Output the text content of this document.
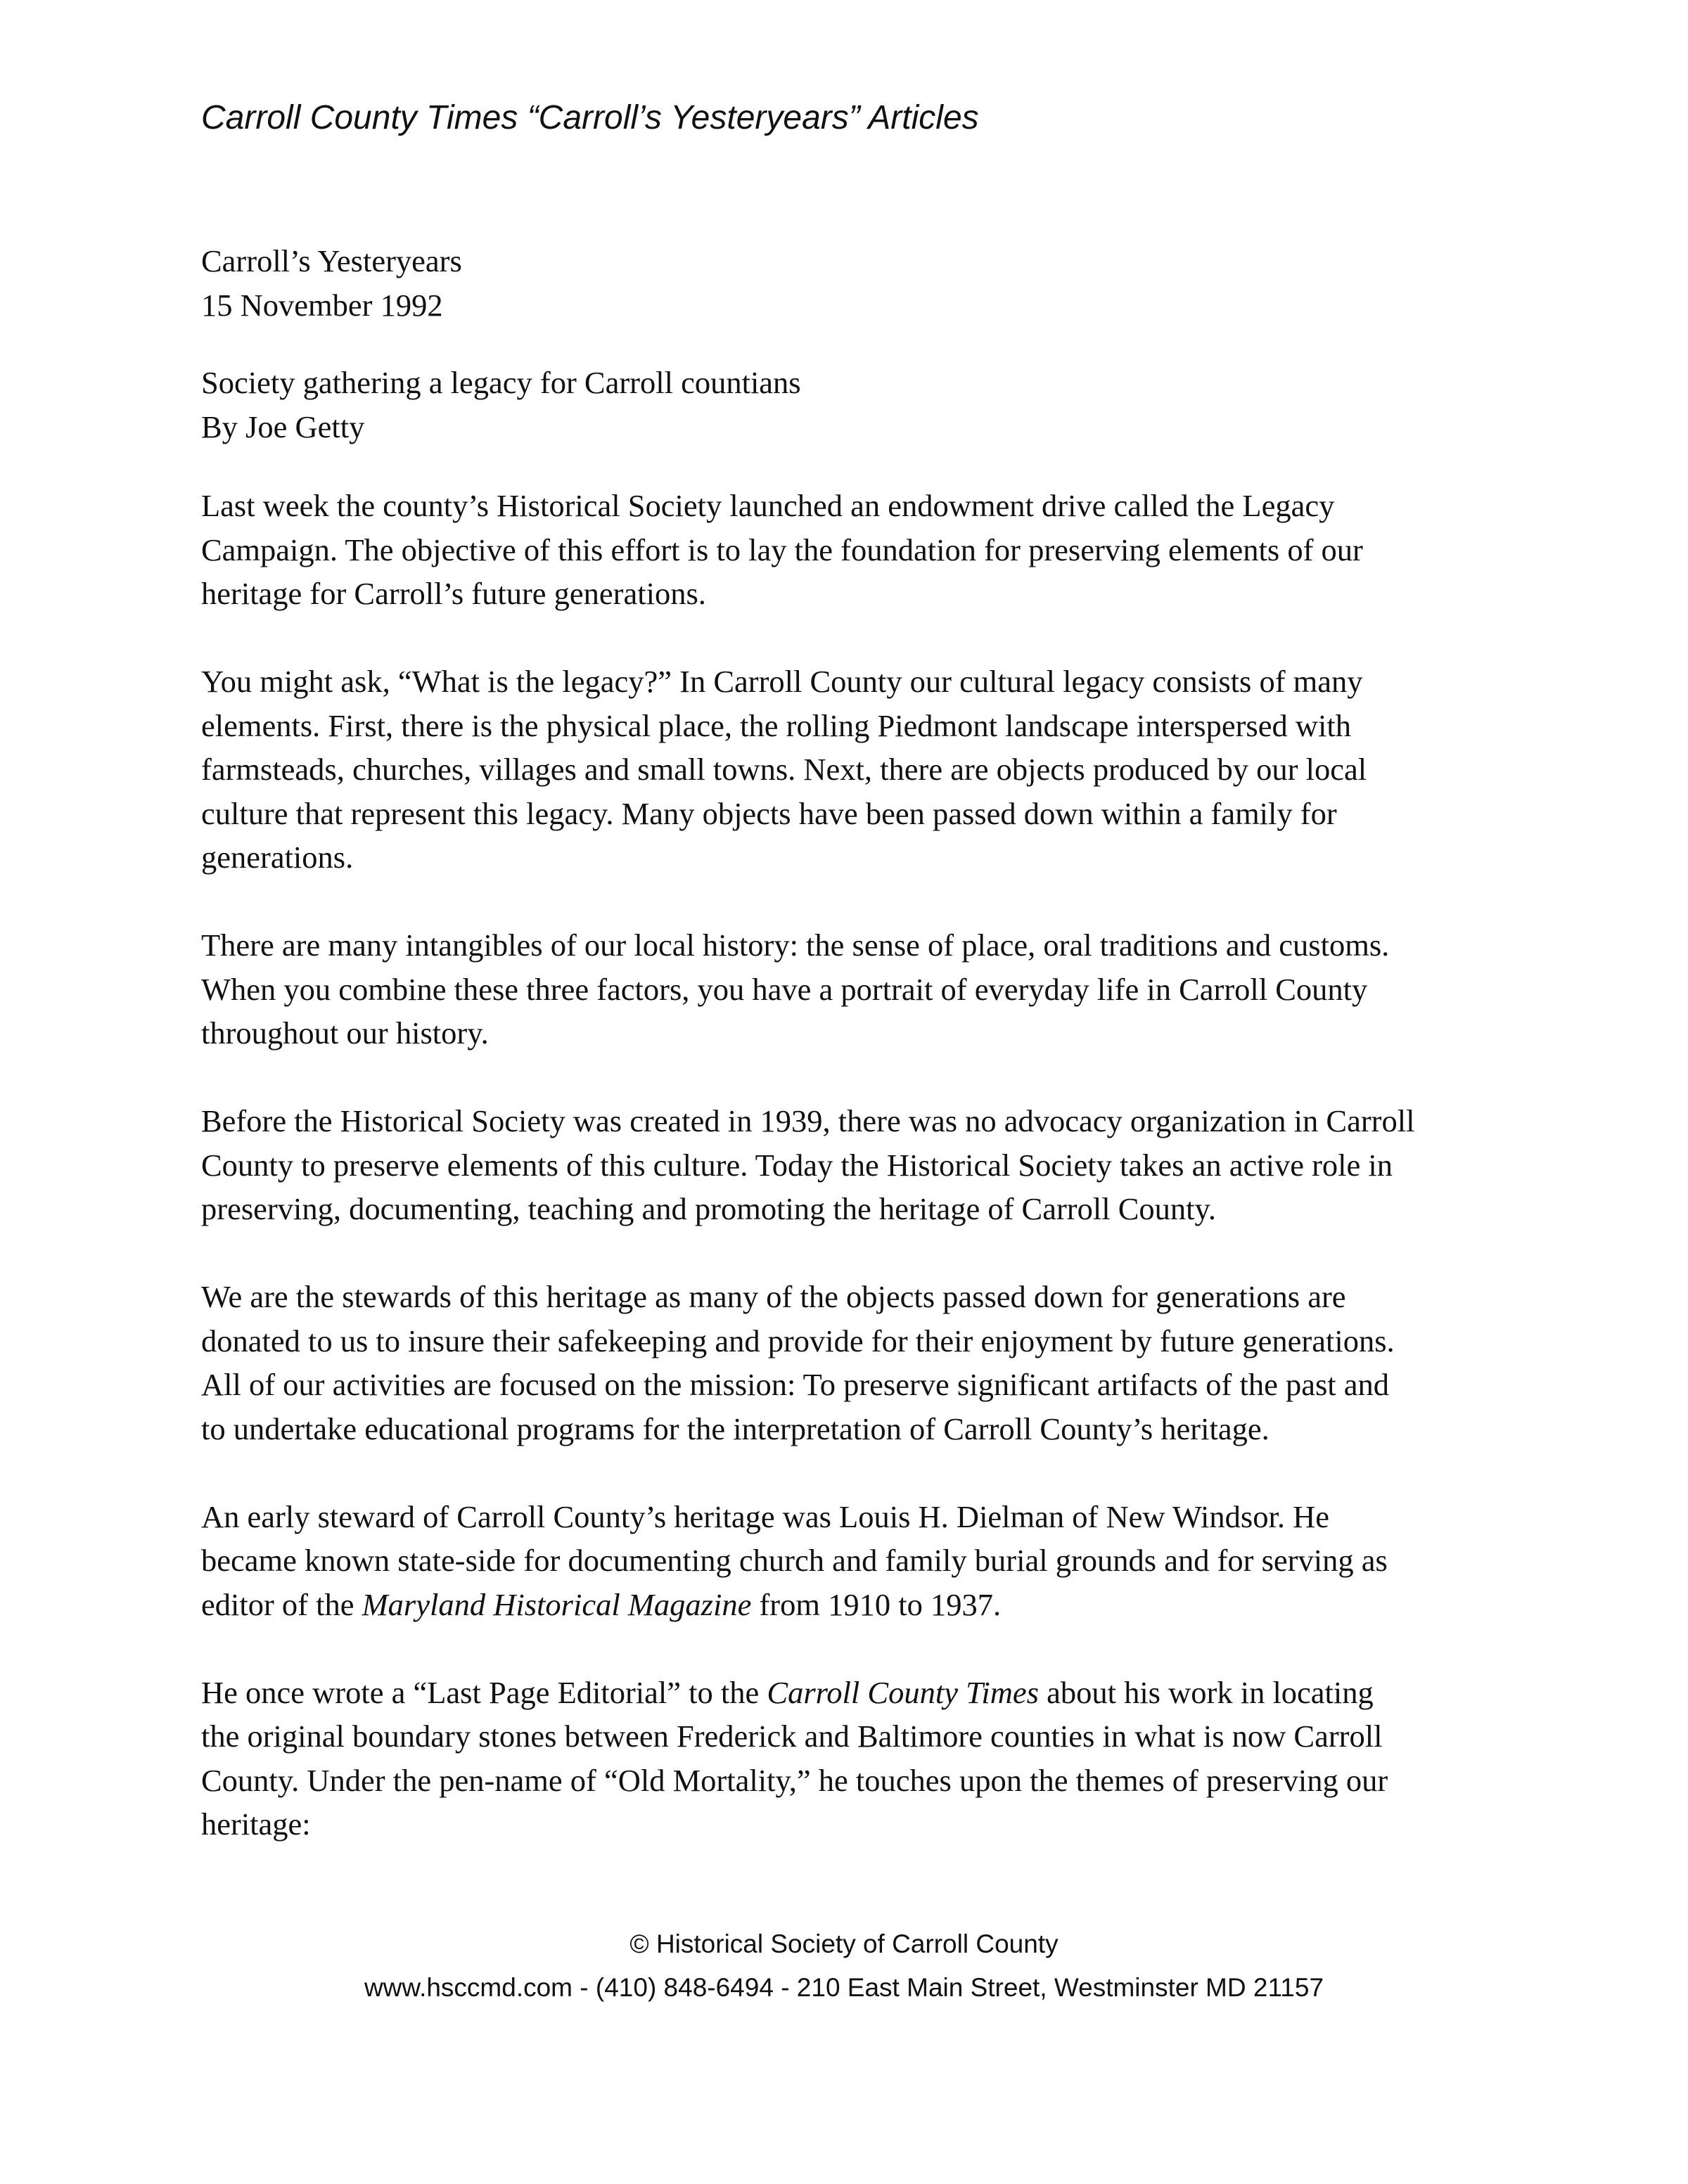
Carroll County Times “Carroll’s Yesteryears” Articles
Carroll’s Yesteryears
15 November 1992
Society gathering a legacy for Carroll countians
By Joe Getty
Last week the county’s Historical Society launched an endowment drive called the Legacy
Campaign. The objective of this effort is to lay the foundation for preserving elements of our
heritage for Carroll’s future generations.
You might ask, “What is the legacy?” In Carroll County our cultural legacy consists of many
elements. First, there is the physical place, the rolling Piedmont landscape interspersed with
farmsteads, churches, villages and small towns. Next, there are objects produced by our local
culture that represent this legacy. Many objects have been passed down within a family for
generations.
There are many intangibles of our local history: the sense of place, oral traditions and customs.
When you combine these three factors, you have a portrait of everyday life in Carroll County
throughout our history.
Before the Historical Society was created in 1939, there was no advocacy organization in Carroll
County to preserve elements of this culture. Today the Historical Society takes an active role in
preserving, documenting, teaching and promoting the heritage of Carroll County.
We are the stewards of this heritage as many of the objects passed down for generations are
donated to us to insure their safekeeping and provide for their enjoyment by future generations.
All of our activities are focused on the mission: To preserve significant artifacts of the past and
to undertake educational programs for the interpretation of Carroll County’s heritage.
An early steward of Carroll County’s heritage was Louis H. Dielman of New Windsor. He
became known state-side for documenting church and family burial grounds and for serving as
editor of the Maryland Historical Magazine from 1910 to 1937.
He once wrote a “Last Page Editorial” to the Carroll County Times about his work in locating
the original boundary stones between Frederick and Baltimore counties in what is now Carroll
County. Under the pen-name of “Old Mortality,” he touches upon the themes of preserving our
heritage:
© Historical Society of Carroll County
www.hsccmd.com - (410) 848-6494 - 210 East Main Street, Westminster MD 21157
